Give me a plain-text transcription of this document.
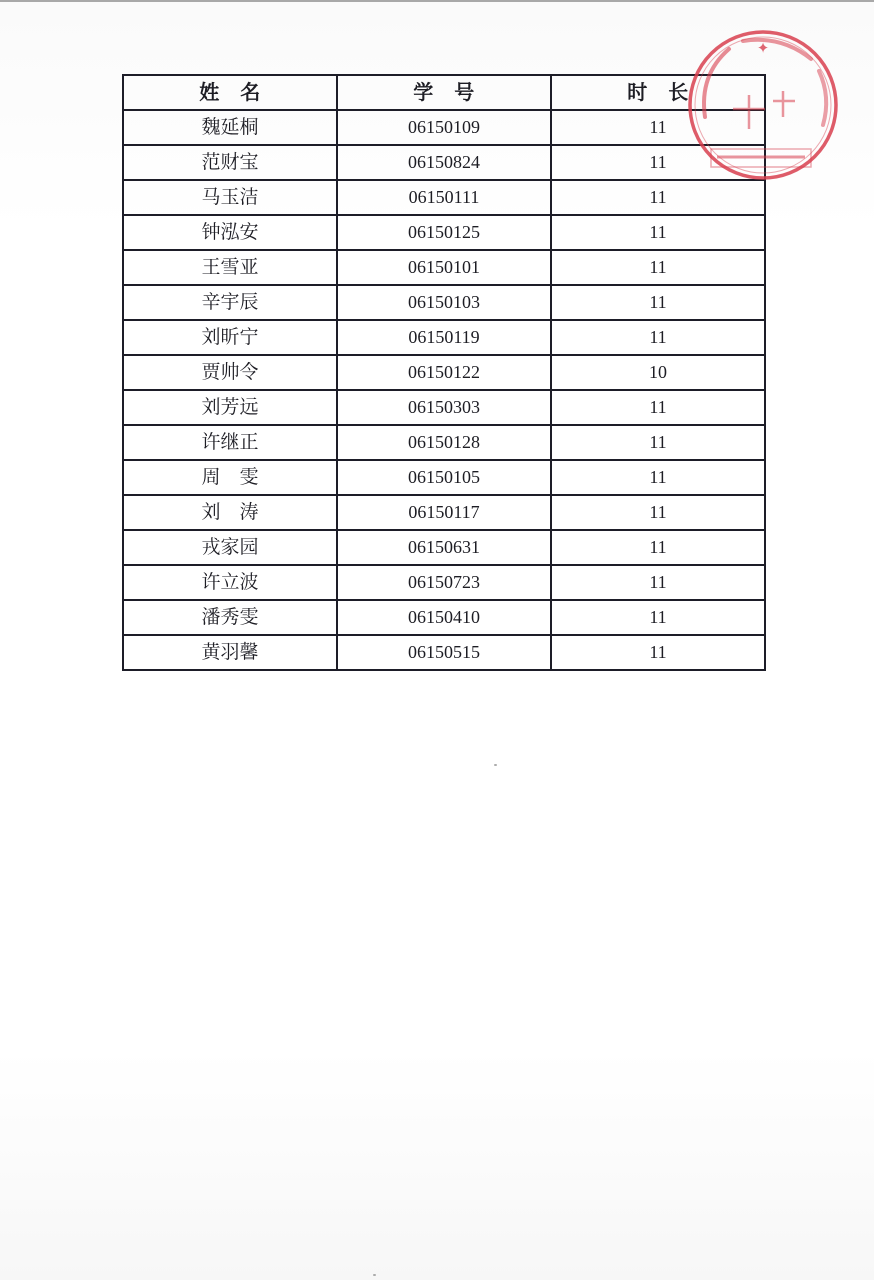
姓　名	学　号	时　长
魏延桐	06150109	11
范财宝	06150824	11
马玉洁	06150111	11
钟泓安	06150125	11
王雪亚	06150101	11
辛宇辰	06150103	11
刘昕宁	06150119	11
贾帅令	06150122	10
刘芳远	06150303	11
许继正	06150128	11
周　雯	06150105	11
刘　涛	06150117	11
戎家园	06150631	11
许立波	06150723	11
潘秀雯	06150410	11
黄羽馨	06150515	11
✦
